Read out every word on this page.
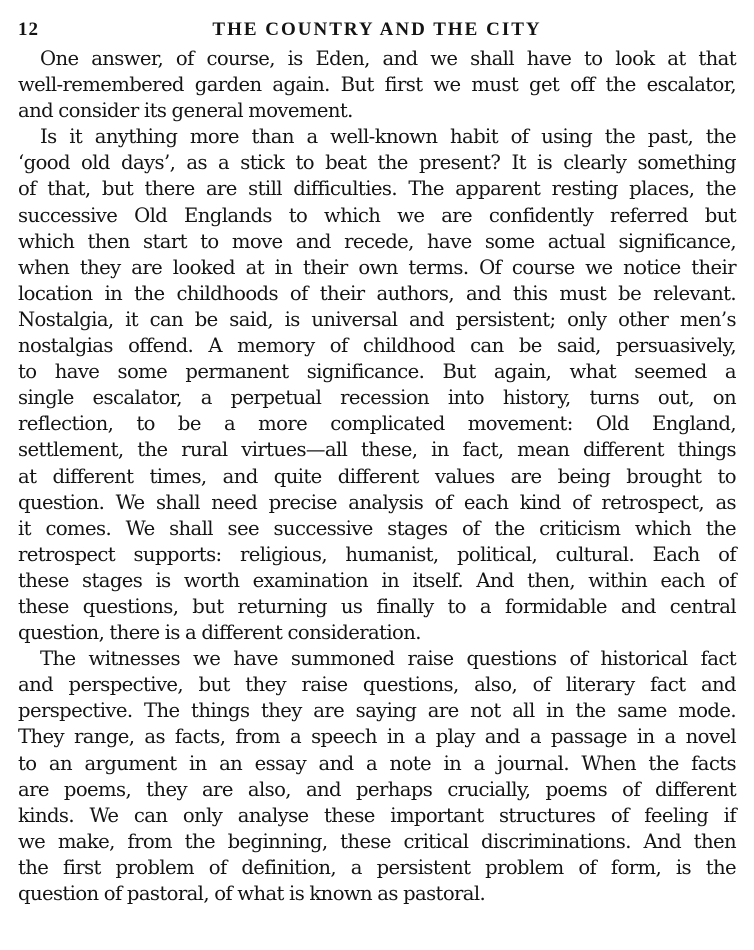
12	THE COUNTRY AND THE CITY

One answer, of course, is Eden, and we shall have to look at that
well-remembered garden again. But first we must get off the escalator,
and consider its general movement.

Is it anything more than a well-known habit of using the past, the
‘good old days’, as a stick to beat the present? It is clearly something
of that, but there are still difficulties. The apparent resting places, the
successive Old Englands to which we are confidently referred but
which then start to move and recede, have some actual significance,
when they are looked at in their own terms. Of course we notice their
location in the childhoods of their authors, and this must be relevant.
Nostalgia, it can be said, is universal and persistent; only other men’s
nostalgias offend. A memory of childhood can be said, persuasively,
to have some permanent significance. But again, what seemed a
single escalator, a perpetual recession into history, turns out, on
reflection, to be a more complicated movement: Old England,
settlement, the rural virtues—all these, in fact, mean different things
at different times, and quite different values are being brought to
question. We shall need precise analysis of each kind of retrospect, as
it comes. We shall see successive stages of the criticism which the
retrospect supports: religious, humanist, political, cultural. Each of
these stages is worth examination in itself. And then, within each of
these questions, but returning us finally to a formidable and central
question, there is a different consideration.

The witnesses we have summoned raise questions of historical fact
and perspective, but they raise questions, also, of literary fact and
perspective. The things they are saying are not all in the same mode.
They range, as facts, from a speech in a play and a passage in a novel
to an argument in an essay and a note in a journal. When the facts
are poems, they are also, and perhaps crucially, poems of different
kinds. We can only analyse these important structures of feeling if
we make, from the beginning, these critical discriminations. And then
the first problem of definition, a persistent problem of form, is the
question of pastoral, of what is known as pastoral.
